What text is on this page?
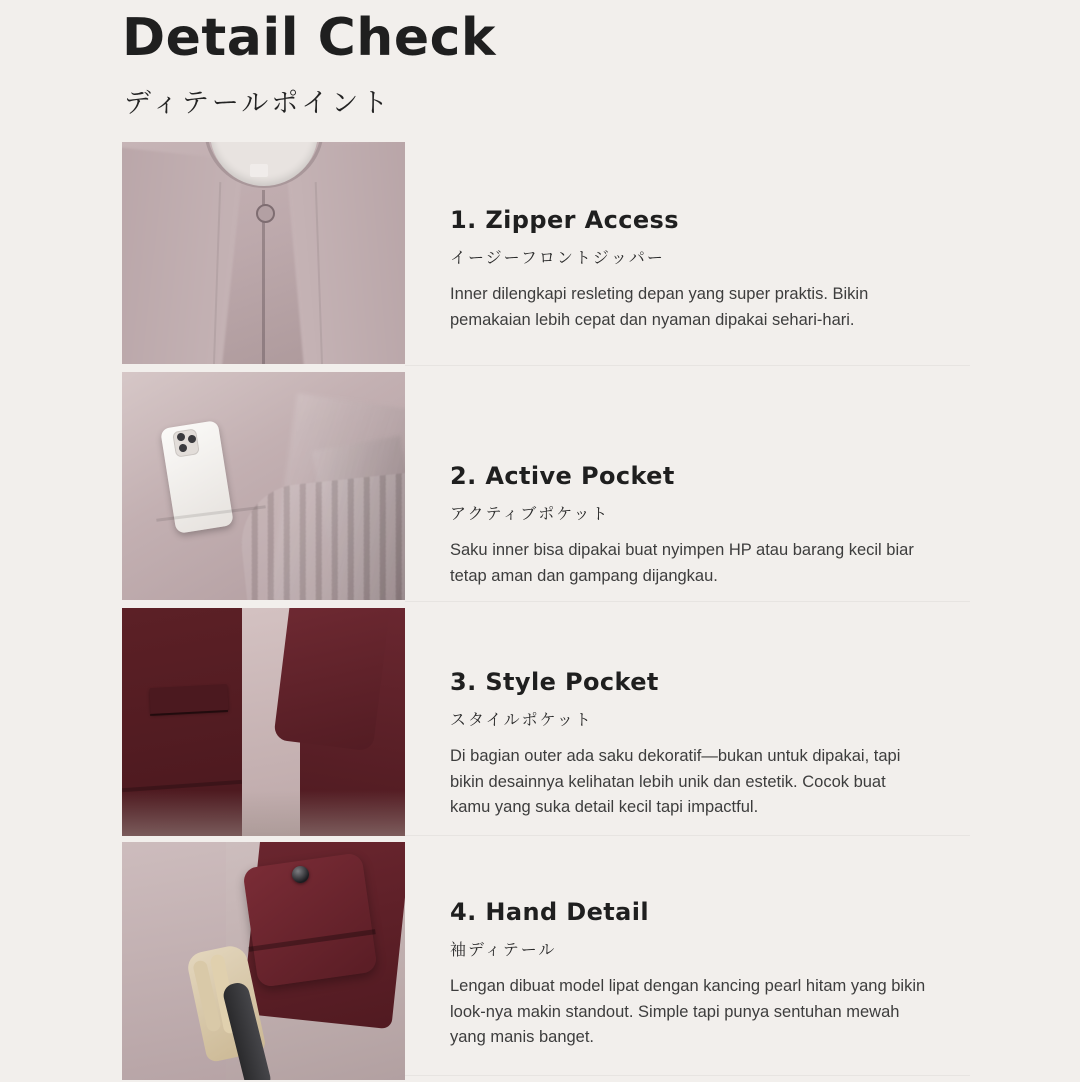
Detail Check
ディテールポイント
1. Zipper Access
イージーフロントジッパー

Inner dilengkapi resleting depan yang super praktis. Bikin pemakaian lebih cepat dan nyaman dipakai sehari-hari.

2. Active Pocket
アクティブポケット

Saku inner bisa dipakai buat nyimpen HP atau barang kecil biar tetap aman dan gampang dijangkau.

3. Style Pocket
スタイルポケット

Di bagian outer ada saku dekoratif—bukan untuk dipakai, tapi bikin desainnya kelihatan lebih unik dan estetik. Cocok buat kamu yang suka detail kecil tapi impactful.

4. Hand Detail
袖ディテール

Lengan dibuat model lipat dengan kancing pearl hitam yang bikin look-nya makin standout. Simple tapi punya sentuhan mewah yang manis banget.
